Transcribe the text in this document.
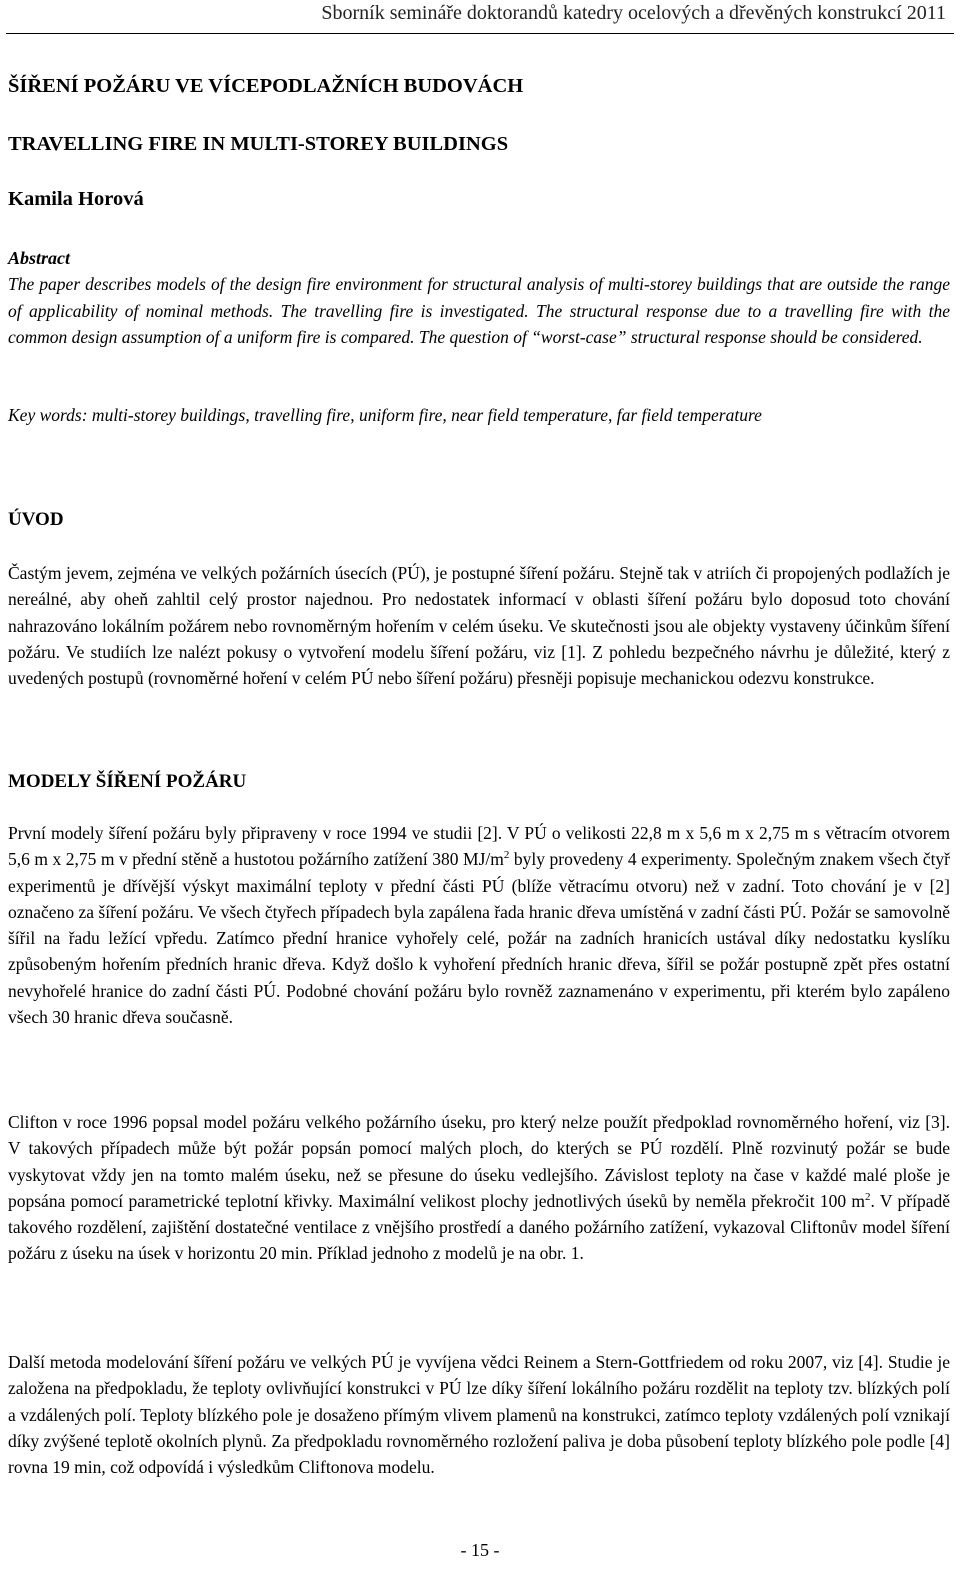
Sborník semináře doktorandů katedry ocelových a dřevěných konstrukcí 2011
ŠÍŘENÍ POŽÁRU VE VÍCEPODLAŽNÍCH BUDOVÁCH
TRAVELLING FIRE IN MULTI-STOREY BUILDINGS
Kamila Horová
Abstract
The paper describes models of the design fire environment for structural analysis of multi-storey buildings that are outside the range of applicability of nominal methods. The travelling fire is investigated. The structural response due to a travelling fire with the common design assumption of a uniform fire is compared. The question of “worst-case” structural response should be considered.
Key words: multi-storey buildings, travelling fire, uniform fire, near field temperature, far field temperature
ÚVOD
Častým jevem, zejména ve velkých požárních úsecích (PÚ), je postupné šíření požáru. Stejně tak v atriích či propojených podlažích je nereálné, aby oheň zahltil celý prostor najednou. Pro nedostatek informací v oblasti šíření požáru bylo doposud toto chování nahrazováno lokálním požárem nebo rovnoměrným hořením v celém úseku. Ve skutečnosti jsou ale objekty vystaveny účinkům šíření požáru. Ve studiích lze nalézt pokusy o vytvoření modelu šíření požáru, viz [1]. Z pohledu bezpečného návrhu je důležité, který z uvedených postupů (rovnoměrné hoření v celém PÚ nebo šíření požáru) přesněji popisuje mechanickou odezvu konstrukce.
MODELY ŠÍŘENÍ POŽÁRU
První modely šíření požáru byly připraveny v roce 1994 ve studii [2]. V PÚ o velikosti 22,8 m x 5,6 m x 2,75 m s větracím otvorem 5,6 m x 2,75 m v přední stěně a hustotou požárního zatížení 380 $MJ/m^2$ byly provedeny 4 experimenty. Společným znakem všech čtyř experimentů je dřívější výskyt maximální teploty v přední části PÚ (blíže větracímu otvoru) než v zadní. Toto chování je v [2] označeno za šíření požáru. Ve všech čtyřech případech byla zapálena řada hranic dřeva umístěná v zadní části PÚ. Požár se samovolně šířil na řadu ležící vpředu. Zatímco přední hranice vyhořely celé, požár na zadních hranicích ustával díky nedostatku kyslíku způsobeným hořením předních hranic dřeva. Když došlo k vyhoření předních hranic dřeva, šířil se požár postupně zpět přes ostatní nevyhořelé hranice do zadní části PÚ. Podobné chování požáru bylo rovněž zaznamenáno v experimentu, při kterém bylo zapáleno všech 30 hranic dřeva současně.
Clifton v roce 1996 popsal model požáru velkého požárního úseku, pro který nelze použít předpoklad rovnoměrného hoření, viz [3]. V takových případech může být požár popsán pomocí malých ploch, do kterých se PÚ rozdělí. Plně rozvinutý požár se bude vyskytovat vždy jen na tomto malém úseku, než se přesune do úseku vedlejšího. Závislost teploty na čase v každé malé ploše je popsána pomocí parametrické teplotní křivky. Maximální velikost plochy jednotlivých úseků by neměla překročit 100 $m^2$. V případě takového rozdělení, zajištění dostatečné ventilace z vnějšího prostředí a daného požárního zatížení, vykazoval Cliftonův model šíření požáru z úseku na úsek v horizontu 20 min. Příklad jednoho z modelů je na obr. 1.
Další metoda modelování šíření požáru ve velkých PÚ je vyvíjena vědci Reinem a Stern-Gottfriedem od roku 2007, viz [4]. Studie je založena na předpokladu, že teploty ovlivňující konstrukci v PÚ lze díky šíření lokálního požáru rozdělit na teploty tzv. blízkých polí a vzdálených polí. Teploty blízkého pole je dosaženo přímým vlivem plamenů na konstrukci, zatímco teploty vzdálených polí vznikají díky zvýšené teplotě okolních plynů. Za předpokladu rovnoměrného rozložení paliva je doba působení teploty blízkého pole podle [4] rovna 19 min, což odpovídá i výsledkům Cliftonova modelu.
- 15 -
